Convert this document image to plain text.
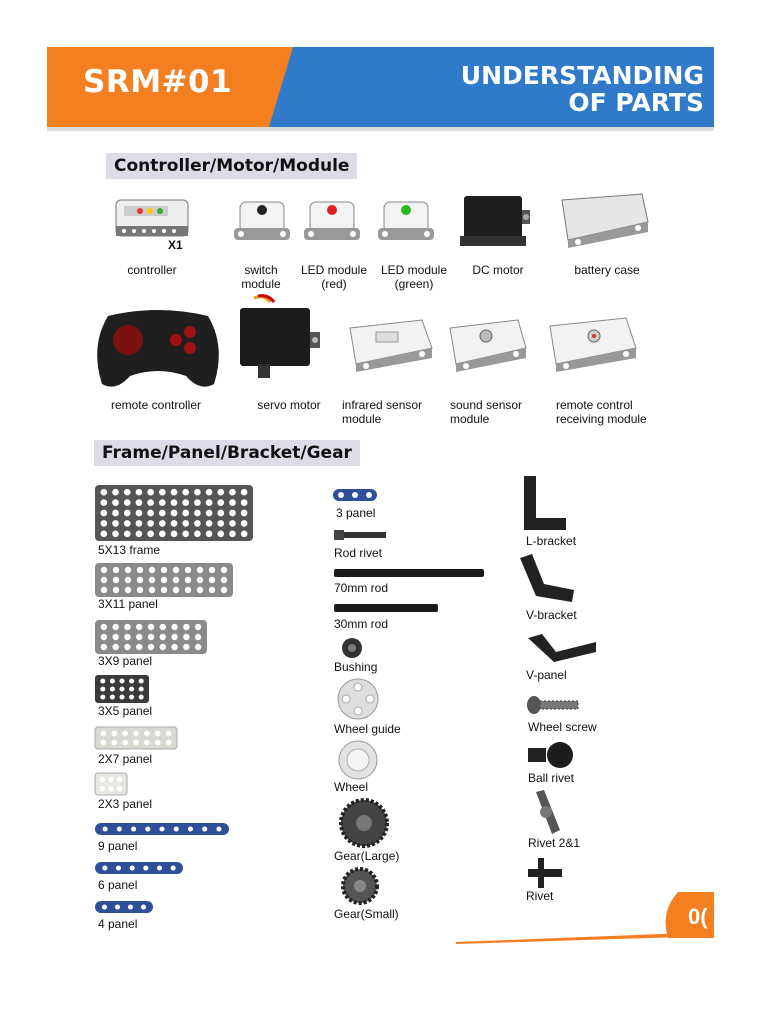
SRM#01	UNDERSTANDING
OF PARTS
Controller/Motor/Module
X1
controller	switch
module
LED module
(red)
LED module
(green)
DC motor	battery case
remote controller	servo motor	infrared sensor
module
sound sensor
module
remote control
receiving module
Frame/Panel/Bracket/Gear
5X13 frame
3X11 panel
3X9 panel
3X5 panel
2X7 panel
2X3 panel
9 panel
6 panel
4 panel
3 panel
Rod rivet
70mm rod
30mm rod
Bushing
Wheel guide
Wheel
Gear(Large)
Gear(Small)
L-bracket
V-bracket
V-panel
Wheel screw
Ball rivet
Rivet 2&1
Rivet
0(
